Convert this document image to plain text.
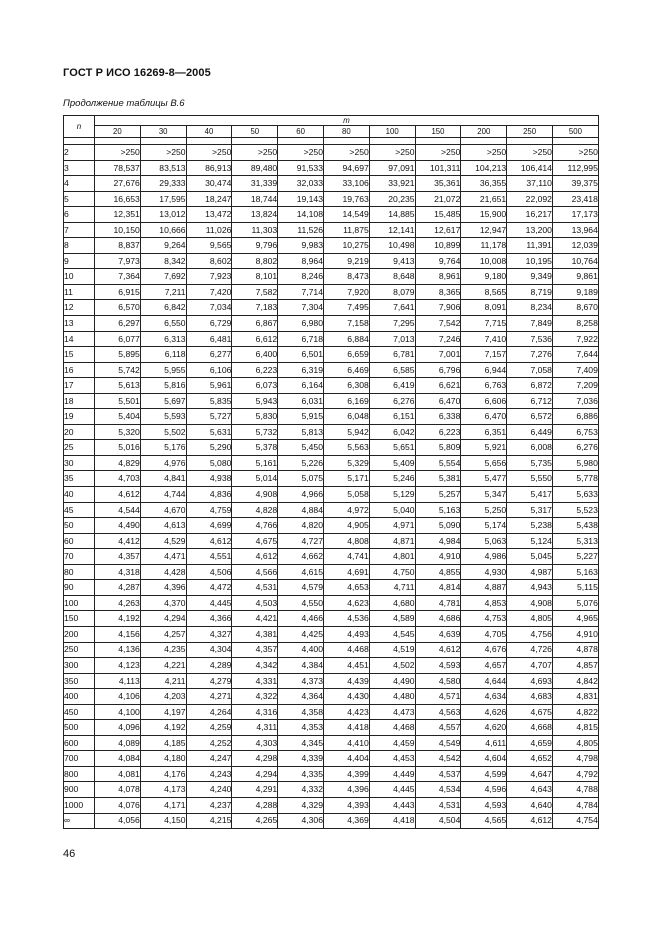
ГОСТ Р ИСО 16269-8—2005
Продолжение таблицы В.6
n	m										
	20	30	40	50	60	80	100	150	200	250	500

2	>250	>250	>250	>250	>250	>250	>250	>250	>250	>250	>250
3	78,537	83,513	86,913	89,480	91,533	94,697	97,091	101,311	104,213	106,414	112,995
4	27,676	29,333	30,474	31,339	32,033	33,106	33,921	35,361	36,355	37,110	39,375
5	16,653	17,595	18,247	18,744	19,143	19,763	20,235	21,072	21,651	22,092	23,418
6	12,351	13,012	13,472	13,824	14,108	14,549	14,885	15,485	15,900	16,217	17,173
7	10,150	10,666	11,026	11,303	11,526	11,875	12,141	12,617	12,947	13,200	13,964
8	8,837	9,264	9,565	9,796	9,983	10,275	10,498	10,899	11,178	11,391	12,039
9	7,973	8,342	8,602	8,802	8,964	9,219	9,413	9,764	10,008	10,195	10,764
10	7,364	7,692	7,923	8,101	8,246	8,473	8,648	8,961	9,180	9,349	9,861
11	6,915	7,211	7,420	7,582	7,714	7,920	8,079	8,365	8,565	8,719	9,189
12	6,570	6,842	7,034	7,183	7,304	7,495	7,641	7,906	8,091	8,234	8,670
13	6,297	6,550	6,729	6,867	6,980	7,158	7,295	7,542	7,715	7,849	8,258
14	6,077	6,313	6,481	6,612	6,718	6,884	7,013	7,246	7,410	7,536	7,922
15	5,895	6,118	6,277	6,400	6,501	6,659	6,781	7,001	7,157	7,276	7,644
16	5,742	5,955	6,106	6,223	6,319	6,469	6,585	6,796	6,944	7,058	7,409
17	5,613	5,816	5,961	6,073	6,164	6,308	6,419	6,621	6,763	6,872	7,209
18	5,501	5,697	5,835	5,943	6,031	6,169	6,276	6,470	6,606	6,712	7,036
19	5,404	5,593	5,727	5,830	5,915	6,048	6,151	6,338	6,470	6,572	6,886
20	5,320	5,502	5,631	5,732	5,813	5,942	6,042	6,223	6,351	6,449	6,753
25	5,016	5,176	5,290	5,378	5,450	5,563	5,651	5,809	5,921	6,008	6,276
30	4,829	4,976	5,080	5,161	5,226	5,329	5,409	5,554	5,656	5,735	5,980
35	4,703	4,841	4,938	5,014	5,075	5,171	5,246	5,381	5,477	5,550	5,778
40	4,612	4,744	4,836	4,908	4,966	5,058	5,129	5,257	5,347	5,417	5,633
45	4,544	4,670	4,759	4,828	4,884	4,972	5,040	5,163	5,250	5,317	5,523
50	4,490	4,613	4,699	4,766	4,820	4,905	4,971	5,090	5,174	5,238	5,438
60	4,412	4,529	4,612	4,675	4,727	4,808	4,871	4,984	5,063	5,124	5,313
70	4,357	4,471	4,551	4,612	4,662	4,741	4,801	4,910	4,986	5,045	5,227
80	4,318	4,428	4,506	4,566	4,615	4,691	4,750	4,855	4,930	4,987	5,163
90	4,287	4,396	4,472	4,531	4,579	4,653	4,711	4,814	4,887	4,943	5,115
100	4,263	4,370	4,445	4,503	4,550	4,623	4,680	4,781	4,853	4,908	5,076
150	4,192	4,294	4,366	4,421	4,466	4,536	4,589	4,686	4,753	4,805	4,965
200	4,156	4,257	4,327	4,381	4,425	4,493	4,545	4,639	4,705	4,756	4,910
250	4,136	4,235	4,304	4,357	4,400	4,468	4,519	4,612	4,676	4,726	4,878
300	4,123	4,221	4,289	4,342	4,384	4,451	4,502	4,593	4,657	4,707	4,857
350	4,113	4,211	4,279	4,331	4,373	4,439	4,490	4,580	4,644	4,693	4,842
400	4,106	4,203	4,271	4,322	4,364	4,430	4,480	4,571	4,634	4,683	4,831
450	4,100	4,197	4,264	4,316	4,358	4,423	4,473	4,563	4,626	4,675	4,822
500	4,096	4,192	4,259	4,311	4,353	4,418	4,468	4,557	4,620	4,668	4,815
600	4,089	4,185	4,252	4,303	4,345	4,410	4,459	4,549	4,611	4,659	4,805
700	4,084	4,180	4,247	4,298	4,339	4,404	4,453	4,542	4,604	4,652	4,798
800	4,081	4,176	4,243	4,294	4,335	4,399	4,449	4,537	4,599	4,647	4,792
900	4,078	4,173	4,240	4,291	4,332	4,396	4,445	4,534	4,596	4,643	4,788
1000	4,076	4,171	4,237	4,288	4,329	4,393	4,443	4,531	4,593	4,640	4,784
∞	4,056	4,150	4,215	4,265	4,306	4,369	4,418	4,504	4,565	4,612	4,754
46
